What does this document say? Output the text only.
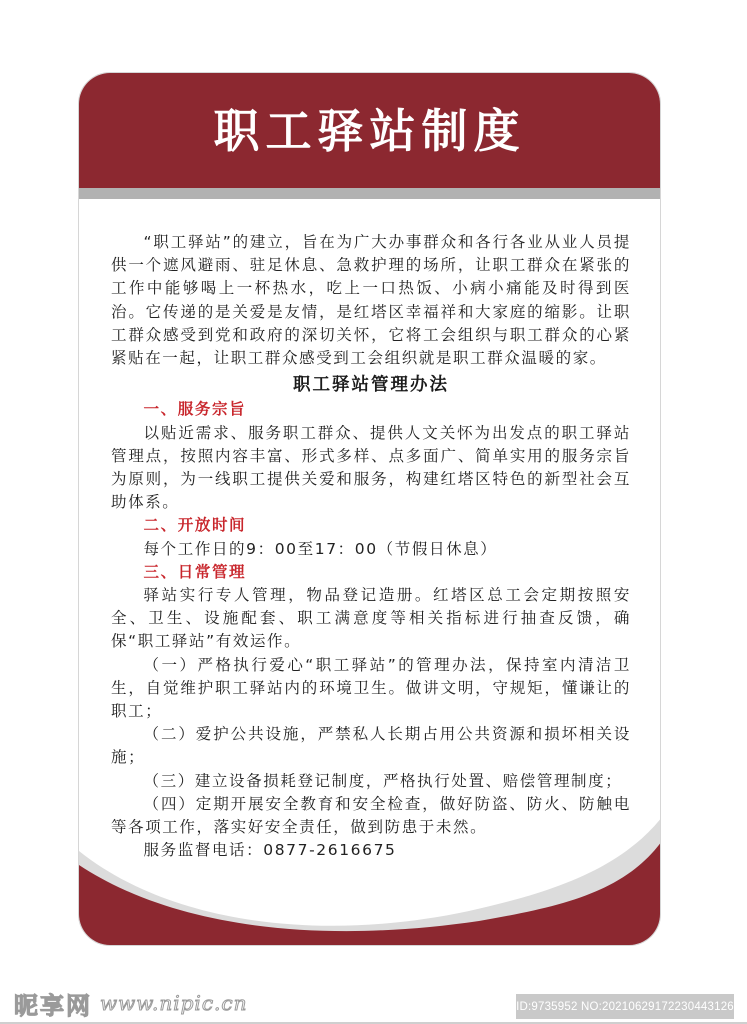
职工驿站制度

“职工驿站”的建立，旨在为广大办事群众和各行各业从业人员提供一个遮风避雨、驻足休息、急救护理的场所，让职工群众在紧张的工作中能够喝上一杯热水，吃上一口热饭、小病小痛能及时得到医治。它传递的是关爱是友情，是红塔区幸福祥和大家庭的缩影。让职工群众感受到党和政府的深切关怀，它将工会组织与职工群众的心紧紧贴在一起，让职工群众感受到工会组织就是职工群众温暖的家。

职工驿站管理办法

一、服务宗旨

以贴近需求、服务职工群众、提供人文关怀为出发点的职工驿站管理点，按照内容丰富、形式多样、点多面广、简单实用的服务宗旨为原则，为一线职工提供关爱和服务，构建红塔区特色的新型社会互助体系。

二、开放时间

每个工作日的9：00至17：00（节假日休息）

三、日常管理

驿站实行专人管理，物品登记造册。红塔区总工会定期按照安全、卫生、设施配套、职工满意度等相关指标进行抽查反馈，确保“职工驿站”有效运作。

（一）严格执行爱心“职工驿站”的管理办法，保持室内清洁卫生，自觉维护职工驿站内的环境卫生。做讲文明，守规矩，懂谦让的职工；

（二）爱护公共设施，严禁私人长期占用公共资源和损坏相关设施；

（三）建立设备损耗登记制度，严格执行处置、赔偿管理制度；

（四）定期开展安全教育和安全检查，做好防盗、防火、防触电等各项工作，落实好安全责任，做到防患于未然。

服务监督电话：0877-2616675

昵享网 www.nipic.cn	ID:9735952 NO:20210629172230443126
